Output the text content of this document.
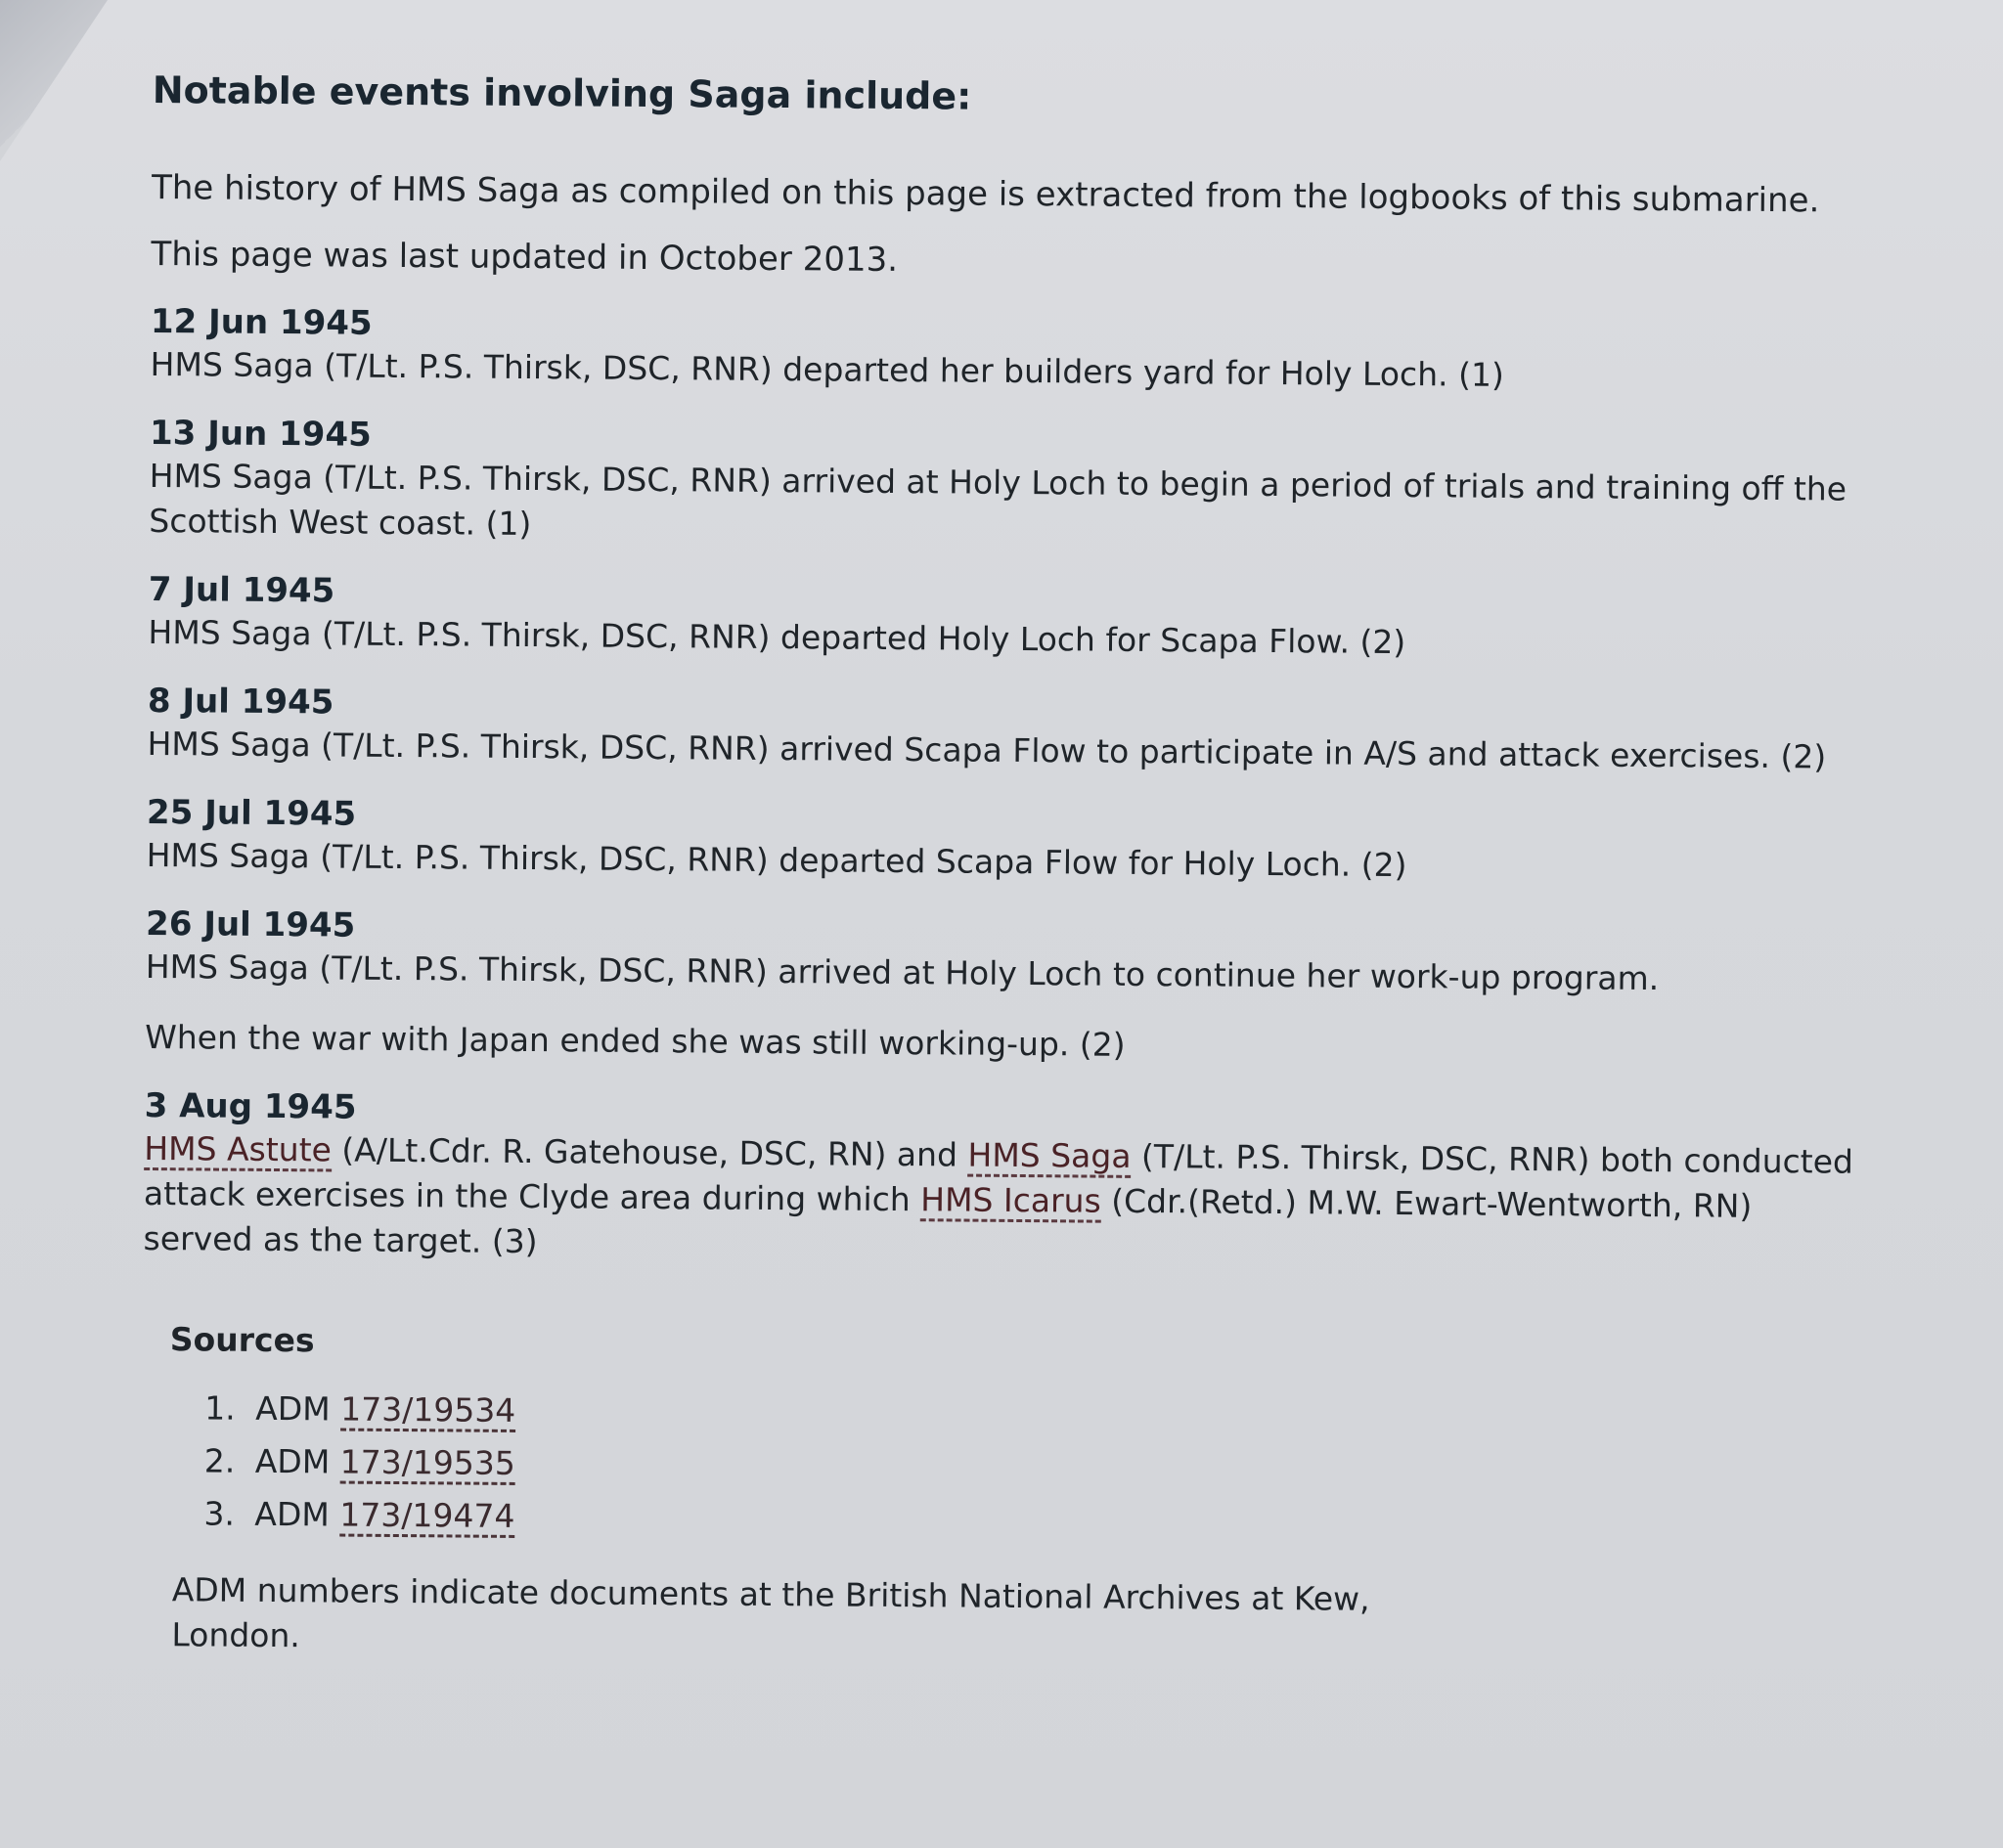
Notable events involving Saga include:

The history of HMS Saga as compiled on this page is extracted from the logbooks of this submarine.

This page was last updated in October 2013.

12 Jun 1945
HMS Saga (T/Lt. P.S. Thirsk, DSC, RNR) departed her builders yard for Holy Loch. (1)
13 Jun 1945
HMS Saga (T/Lt. P.S. Thirsk, DSC, RNR) arrived at Holy Loch to begin a period of trials and training off the Scottish West coast. (1)
7 Jul 1945
HMS Saga (T/Lt. P.S. Thirsk, DSC, RNR) departed Holy Loch for Scapa Flow. (2)
8 Jul 1945
HMS Saga (T/Lt. P.S. Thirsk, DSC, RNR) arrived Scapa Flow to participate in A/S and attack exercises. (2)
25 Jul 1945
HMS Saga (T/Lt. P.S. Thirsk, DSC, RNR) departed Scapa Flow for Holy Loch. (2)
26 Jul 1945
HMS Saga (T/Lt. P.S. Thirsk, DSC, RNR) arrived at Holy Loch to continue her work-up program.
When the war with Japan ended she was still working-up. (2)
3 Aug 1945
HMS Astute (A/Lt.Cdr. R. Gatehouse, DSC, RN) and HMS Saga (T/Lt. P.S. Thirsk, DSC, RNR) both conducted attack exercises in the Clyde area during which HMS Icarus (Cdr.(Retd.) M.W. Ewart-Wentworth, RN) served as the target. (3)
Sources
1. ADM 173/19534
2. ADM 173/19535
3. ADM 173/19474
ADM numbers indicate documents at the British National Archives at Kew, London.
